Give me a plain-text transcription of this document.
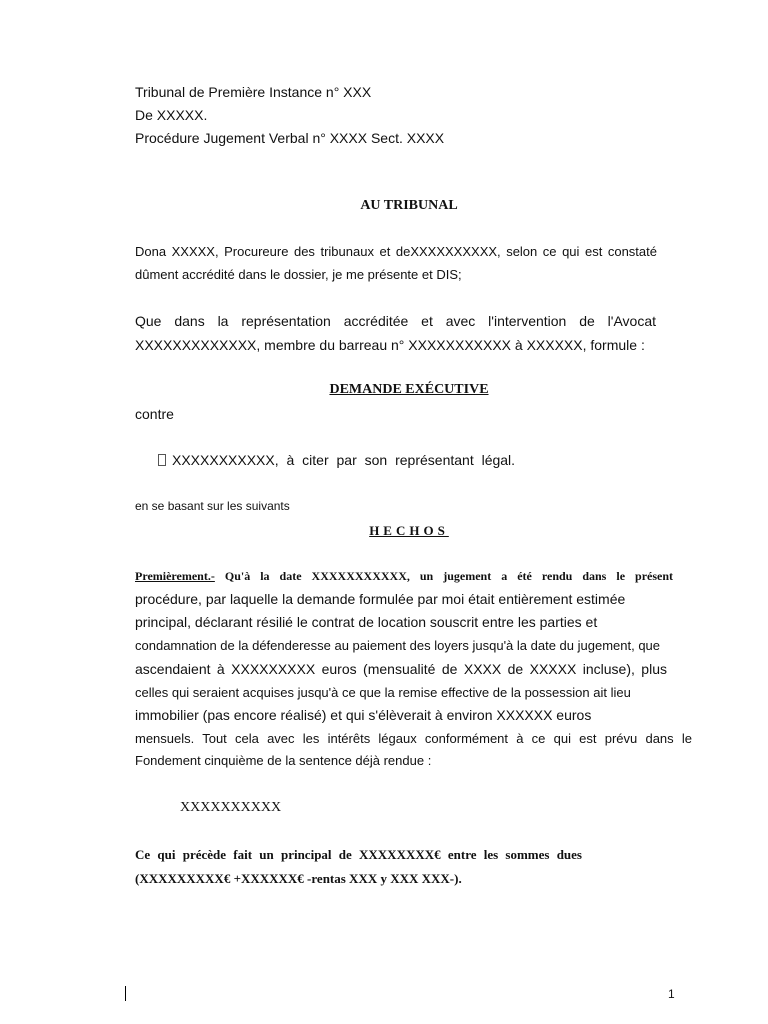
Tribunal de Première Instance n° XXX
De XXXXX.
Procédure Jugement Verbal n° XXXX Sect. XXXX
AU TRIBUNAL
Dona XXXXX, Procureure des tribunaux et deXXXXXXXXXX, selon ce qui est constaté
dûment accrédité dans le dossier, je me présente et DIS;
Que dans la représentation accréditée et avec l'intervention de l'Avocat
XXXXXXXXXXXXX, membre du barreau n° XXXXXXXXXXX à XXXXXX, formule :
DEMANDE EXÉCUTIVE
contre
XXXXXXXXXXX, à citer par son représentant légal.
en se basant sur les suivants
HECHOS
Premièrement.- Qu'à la date XXXXXXXXXXX, un jugement a été rendu dans le présent
procédure, par laquelle la demande formulée par moi était entièrement estimée
principal, déclarant résilié le contrat de location souscrit entre les parties et
condamnation de la défenderesse au paiement des loyers jusqu'à la date du jugement, que
ascendaient à XXXXXXXXX euros (mensualité de XXXX de XXXXX incluse), plus
celles qui seraient acquises jusqu'à ce que la remise effective de la possession ait lieu
immobilier (pas encore réalisé) et qui s'élèverait à environ XXXXXX euros
mensuels. Tout cela avec les intérêts légaux conformément à ce qui est prévu dans le
Fondement cinquième de la sentence déjà rendue :
XXXXXXXXXX
Ce qui précède fait un principal de XXXXXXXX€ entre les sommes dues
(XXXXXXXXX€ +XXXXXX€ -rentas XXX y XXX XXX-).
1
